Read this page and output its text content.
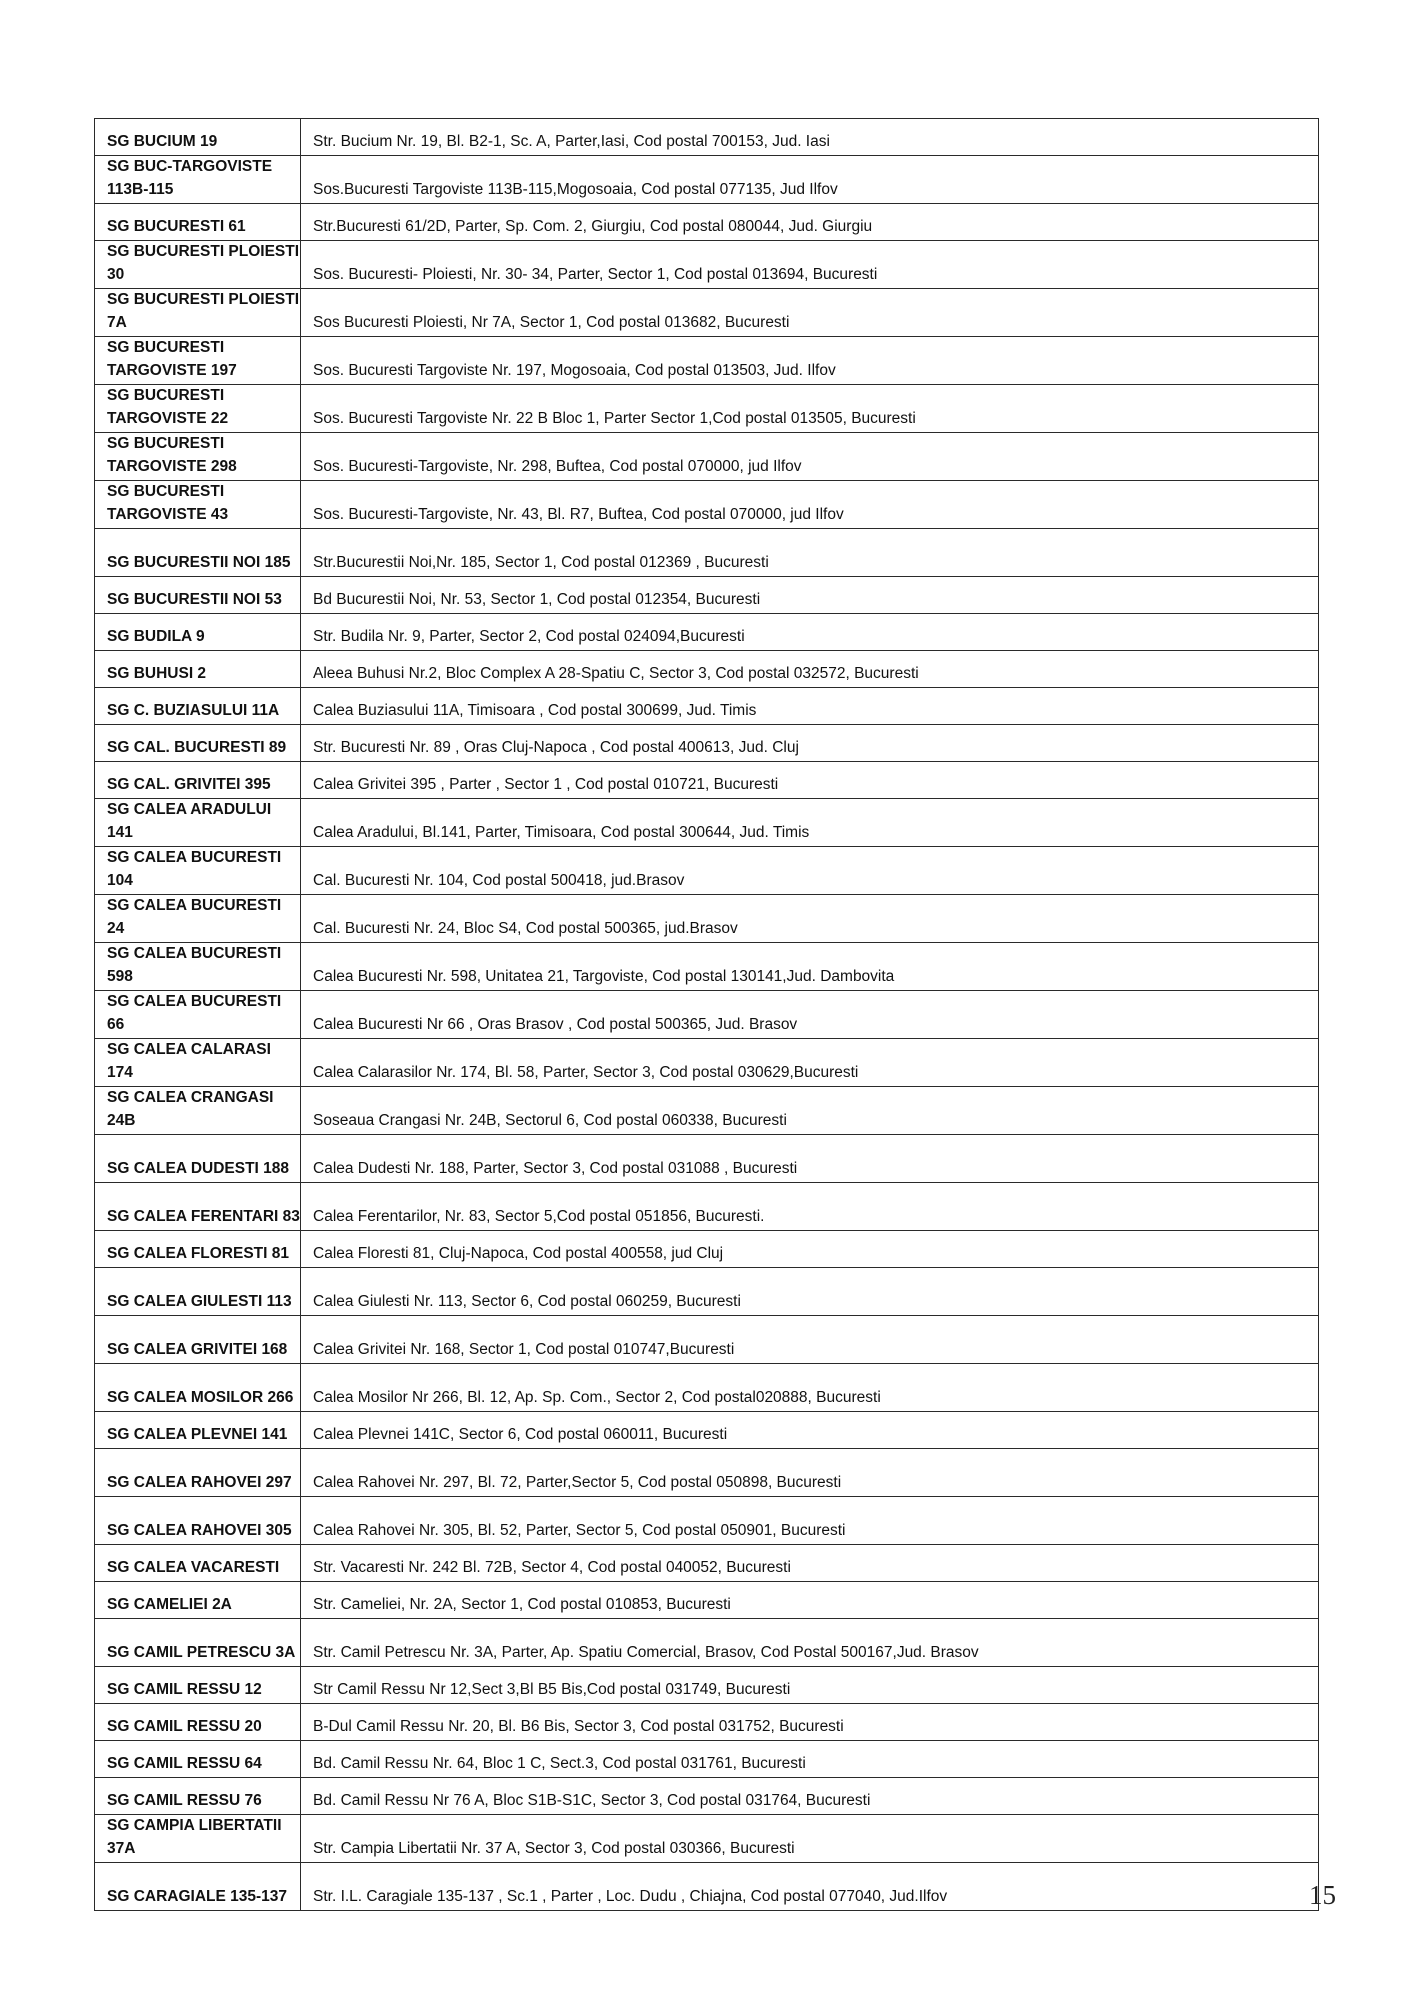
SG BUCIUM 19	Str. Bucium Nr. 19, Bl. B2-1, Sc. A, Parter,Iasi, Cod postal 700153, Jud. Iasi
SG BUC-TARGOVISTE 113B-115	Sos.Bucuresti Targoviste 113B-115,Mogosoaia, Cod postal 077135, Jud Ilfov
SG BUCURESTI 61	Str.Bucuresti 61/2D, Parter, Sp. Com. 2, Giurgiu, Cod postal 080044, Jud. Giurgiu
SG BUCURESTI PLOIESTI 30	Sos. Bucuresti- Ploiesti, Nr. 30- 34, Parter, Sector 1, Cod postal 013694, Bucuresti
SG BUCURESTI PLOIESTI 7A	Sos Bucuresti Ploiesti, Nr 7A, Sector 1, Cod postal 013682, Bucuresti
SG BUCURESTI TARGOVISTE 197	Sos. Bucuresti Targoviste Nr. 197, Mogosoaia, Cod postal 013503, Jud. Ilfov
SG BUCURESTI TARGOVISTE 22	Sos. Bucuresti Targoviste Nr. 22 B Bloc 1, Parter Sector 1,Cod postal 013505, Bucuresti
SG BUCURESTI TARGOVISTE 298	Sos. Bucuresti-Targoviste, Nr. 298, Buftea, Cod postal 070000, jud Ilfov
SG BUCURESTI TARGOVISTE 43	Sos. Bucuresti-Targoviste, Nr. 43, Bl. R7, Buftea, Cod postal 070000, jud Ilfov
SG BUCURESTII NOI 185	Str.Bucurestii Noi,Nr. 185, Sector 1, Cod postal 012369 , Bucuresti
SG BUCURESTII NOI 53	Bd Bucurestii Noi, Nr. 53, Sector 1, Cod postal 012354, Bucuresti
SG BUDILA 9	Str. Budila Nr. 9, Parter, Sector 2, Cod postal 024094,Bucuresti
SG BUHUSI 2	Aleea Buhusi Nr.2, Bloc Complex A 28-Spatiu C, Sector 3, Cod postal 032572, Bucuresti
SG C. BUZIASULUI 11A	Calea Buziasului 11A, Timisoara , Cod postal 300699, Jud. Timis
SG CAL. BUCURESTI 89	Str. Bucuresti Nr. 89 , Oras Cluj-Napoca , Cod postal 400613, Jud. Cluj
SG CAL. GRIVITEI 395	Calea Grivitei 395 , Parter , Sector 1 , Cod postal 010721, Bucuresti
SG CALEA ARADULUI 141	Calea Aradului, Bl.141, Parter, Timisoara, Cod postal 300644, Jud. Timis
SG CALEA BUCURESTI 104	Cal. Bucuresti Nr. 104, Cod postal 500418, jud.Brasov
SG CALEA BUCURESTI 24	Cal. Bucuresti Nr. 24, Bloc S4, Cod postal 500365, jud.Brasov
SG CALEA BUCURESTI 598	Calea Bucuresti Nr. 598, Unitatea 21, Targoviste, Cod postal 130141,Jud. Dambovita
SG CALEA BUCURESTI 66	Calea Bucuresti Nr 66 , Oras Brasov , Cod postal 500365, Jud. Brasov
SG CALEA CALARASI 174	Calea Calarasilor Nr. 174, Bl. 58, Parter, Sector 3, Cod postal 030629,Bucuresti
SG CALEA CRANGASI 24B	Soseaua Crangasi Nr. 24B, Sectorul 6, Cod postal 060338, Bucuresti
SG CALEA DUDESTI 188	Calea Dudesti Nr. 188, Parter, Sector 3, Cod postal 031088 , Bucuresti
SG CALEA FERENTARI 83	Calea Ferentarilor, Nr. 83, Sector 5,Cod postal 051856, Bucuresti.
SG CALEA FLORESTI 81	Calea Floresti 81, Cluj-Napoca, Cod postal 400558, jud Cluj
SG CALEA GIULESTI 113	Calea Giulesti Nr. 113, Sector 6, Cod postal 060259, Bucuresti
SG CALEA GRIVITEI 168	Calea Grivitei Nr. 168, Sector 1, Cod postal 010747,Bucuresti
SG CALEA MOSILOR 266	Calea Mosilor Nr 266, Bl. 12, Ap. Sp. Com., Sector 2, Cod postal020888, Bucuresti
SG CALEA PLEVNEI 141	Calea Plevnei 141C, Sector 6, Cod postal 060011, Bucuresti
SG CALEA RAHOVEI 297	Calea Rahovei Nr. 297, Bl. 72, Parter,Sector 5, Cod postal 050898, Bucuresti
SG CALEA RAHOVEI 305	Calea Rahovei Nr. 305, Bl. 52, Parter, Sector 5, Cod postal 050901, Bucuresti
SG CALEA VACARESTI	Str. Vacaresti Nr. 242 Bl. 72B, Sector 4, Cod postal 040052, Bucuresti
SG CAMELIEI 2A	Str. Cameliei, Nr. 2A, Sector 1, Cod postal 010853, Bucuresti
SG CAMIL PETRESCU 3A	Str. Camil Petrescu Nr. 3A, Parter, Ap. Spatiu Comercial, Brasov, Cod Postal 500167,Jud. Brasov
SG CAMIL RESSU 12	Str Camil Ressu Nr 12,Sect 3,Bl B5 Bis,Cod postal 031749, Bucuresti
SG CAMIL RESSU 20	B-Dul Camil Ressu Nr. 20, Bl. B6 Bis, Sector 3, Cod postal 031752, Bucuresti
SG CAMIL RESSU 64	Bd. Camil Ressu Nr. 64, Bloc 1 C, Sect.3, Cod postal 031761, Bucuresti
SG CAMIL RESSU 76	Bd. Camil Ressu Nr 76 A, Bloc S1B-S1C, Sector 3, Cod postal 031764, Bucuresti
SG CAMPIA LIBERTATII 37A	Str. Campia Libertatii Nr. 37 A, Sector 3, Cod postal 030366, Bucuresti
SG CARAGIALE 135-137	Str. I.L. Caragiale 135-137 , Sc.1 , Parter , Loc. Dudu , Chiajna, Cod postal 077040, Jud.Ilfov	15
